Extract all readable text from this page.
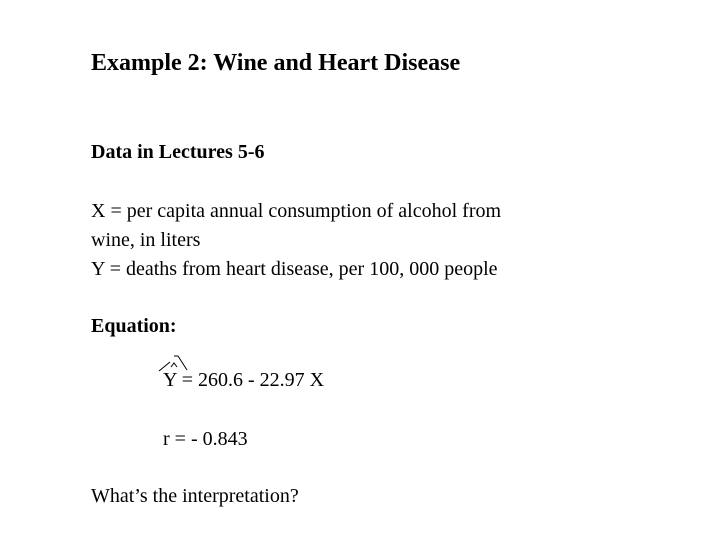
Example 2: Wine and Heart Disease
Data in Lectures 5-6
X = per capita annual consumption of alcohol from
wine, in liters
Y = deaths from heart disease, per 100, 000 people
Equation:
Y = 260.6 - 22.97 X
r = - 0.843
What’s the interpretation?
